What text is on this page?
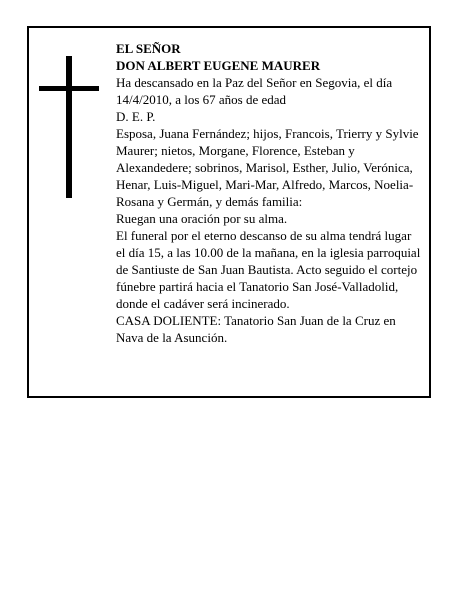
EL SEÑOR

DON ALBERT EUGENE MAURER

Ha descansado en la Paz del Señor en Segovia, el día 14/4/2010, a los 67 años de edad

D. E. P.

Esposa, Juana Fernández; hijos, Francois, Trierry y Sylvie Maurer; nietos, Morgane, Florence, Esteban y Alexandedere; sobrinos, Marisol, Esther, Julio, Verónica, Henar, Luis-Miguel, Mari-Mar, Alfredo, Marcos, Noelia-Rosana y Germán, y demás familia:

Ruegan una oración por su alma.

El funeral por el eterno descanso de su alma tendrá lugar el día 15, a las 10.00 de la mañana, en la iglesia parroquial de Santiuste de San Juan Bautista. Acto seguido el cortejo fúnebre partirá hacia el Tanatorio San José-Valladolid, donde el cadáver será incinerado.

CASA DOLIENTE: Tanatorio San Juan de la Cruz en Nava de la Asunción.
